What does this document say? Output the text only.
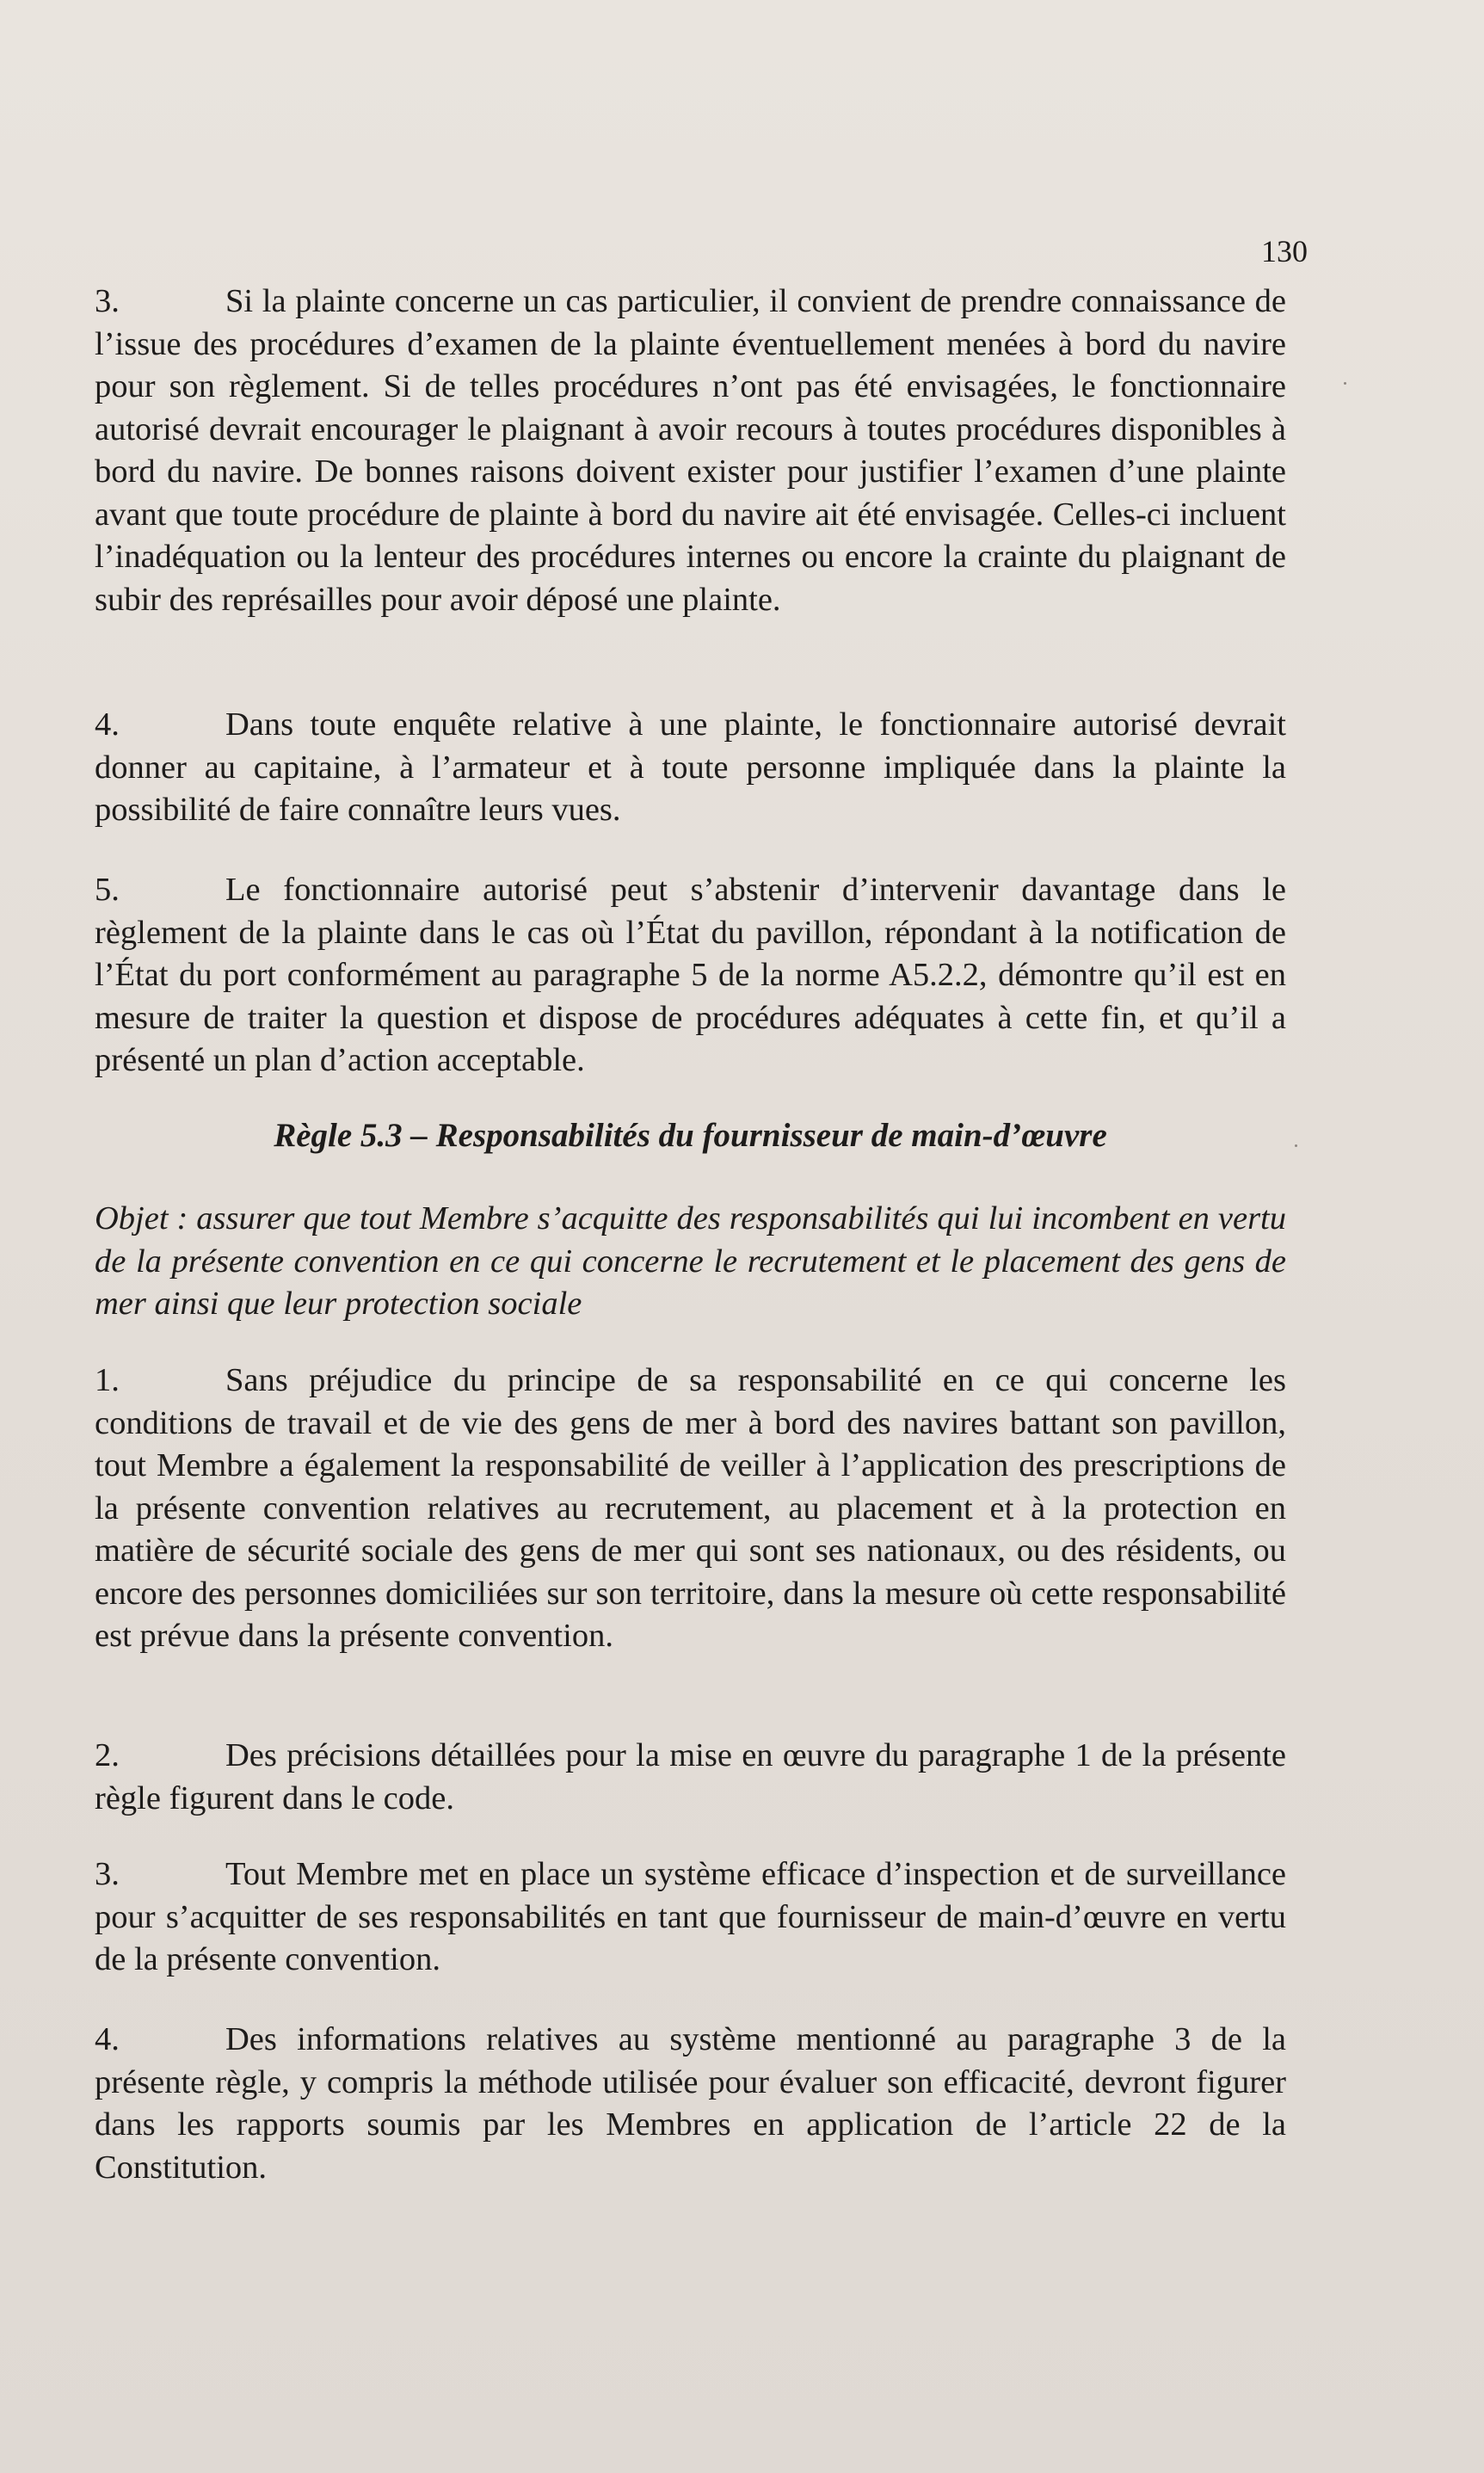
130

3.	Si la plainte concerne un cas particulier, il convient de prendre connaissance de l’issue des procédures d’examen de la plainte éventuellement menées à bord du navire pour son règlement. Si de telles procédures n’ont pas été envisagées, le fonctionnaire autorisé devrait encourager le plaignant à avoir recours à toutes procédures disponibles à bord du navire. De bonnes raisons doivent exister pour justifier l’examen d’une plainte avant que toute procédure de plainte à bord du navire ait été envisagée. Celles-ci incluent l’inadéquation ou la lenteur des procédures internes ou encore la crainte du plaignant de subir des représailles pour avoir déposé une plainte.

4.	Dans toute enquête relative à une plainte, le fonctionnaire autorisé devrait donner au capitaine, à l’armateur et à toute personne impliquée dans la plainte la possibilité de faire connaître leurs vues.

5.	Le fonctionnaire autorisé peut s’abstenir d’intervenir davantage dans le règlement de la plainte dans le cas où l’État du pavillon, répondant à la notification de l’État du port conformément au paragraphe 5 de la norme A5.2.2, démontre qu’il est en mesure de traiter la question et dispose de procédures adéquates à cette fin, et qu’il a présenté un plan d’action acceptable.

Règle 5.3 – Responsabilités du fournisseur de main-d’œuvre

Objet : assurer que tout Membre s’acquitte des responsabilités qui lui incombent en vertu de la présente convention en ce qui concerne le recrutement et le placement des gens de mer ainsi que leur protection sociale

1.	Sans préjudice du principe de sa responsabilité en ce qui concerne les conditions de travail et de vie des gens de mer à bord des navires battant son pavillon, tout Membre a également la responsabilité de veiller à l’application des prescriptions de la présente convention relatives au recrutement, au placement et à la protection en matière de sécurité sociale des gens de mer qui sont ses nationaux, ou des résidents, ou encore des personnes domiciliées sur son territoire, dans la mesure où cette responsabilité est prévue dans la présente convention.

2.	Des précisions détaillées pour la mise en œuvre du paragraphe 1 de la présente règle figurent dans le code.

3.	Tout Membre met en place un système efficace d’inspection et de surveillance pour s’acquitter de ses responsabilités en tant que fournisseur de main-d’œuvre en vertu de la présente convention.

4.	Des informations relatives au système mentionné au paragraphe 3 de la présente règle, y compris la méthode utilisée pour évaluer son efficacité, devront figurer dans les rapports soumis par les Membres en application de l’article 22 de la Constitution.
